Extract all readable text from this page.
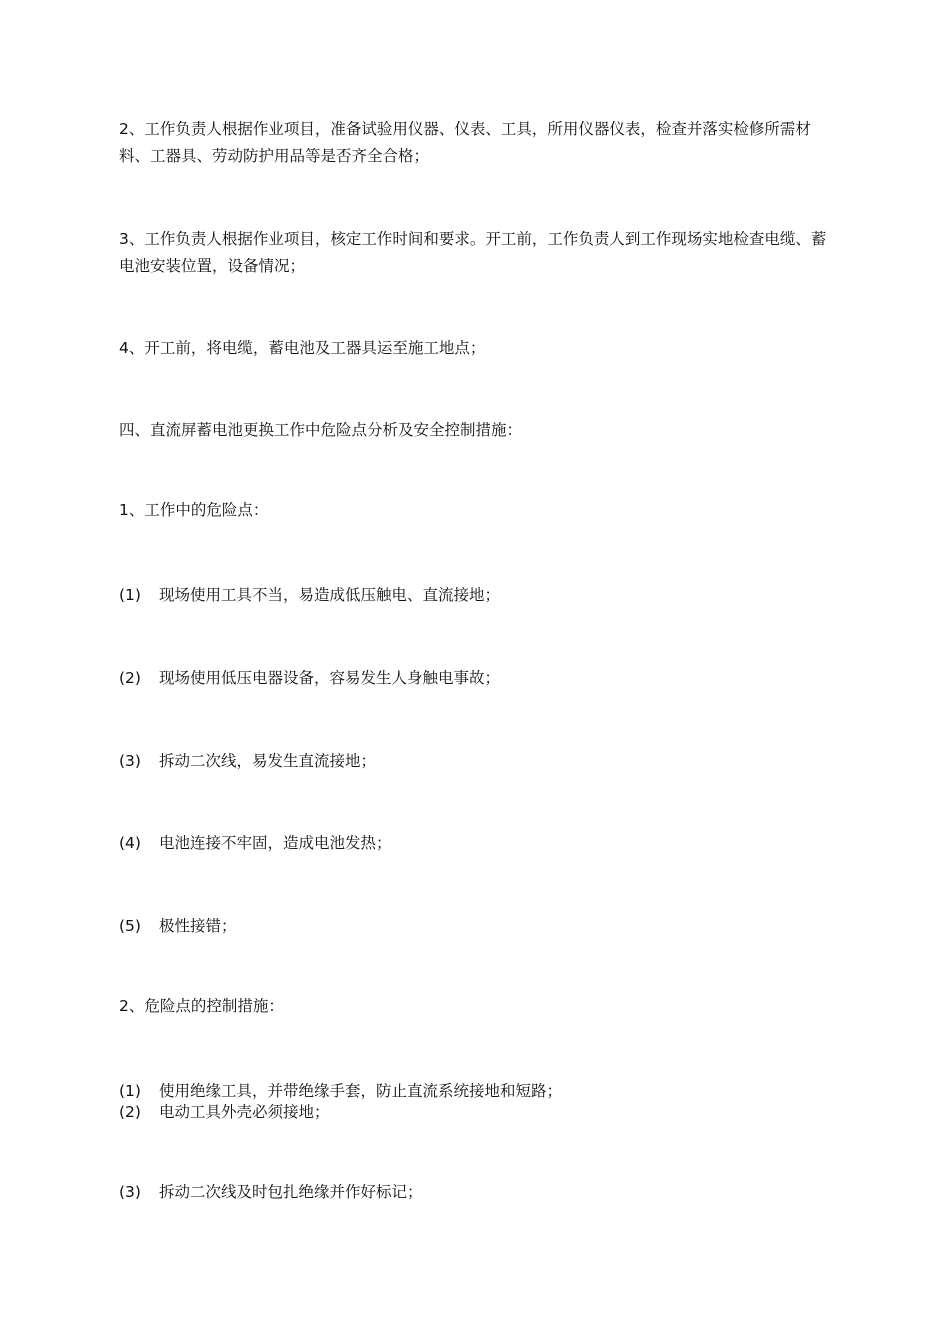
2、工作负责人根据作业项目，准备试验用仪器、仪表、工具，所用仪器仪表，检查并落实检修所需材料、工器具、劳动防护用品等是否齐全合格；

3、工作负责人根据作业项目，核定工作时间和要求。开工前，工作负责人到工作现场实地检查电缆、蓄电池安装位置，设备情况；

4、开工前，将电缆，蓄电池及工器具运至施工地点；

四、直流屏蓄电池更换工作中危险点分析及安全控制措施：

1、工作中的危险点：

(1) 现场使用工具不当，易造成低压触电、直流接地；
(2) 现场使用低压电器设备，容易发生人身触电事故；
(3) 拆动二次线，易发生直流接地；
(4) 电池连接不牢固，造成电池发热；
(5) 极性接错；

2、危险点的控制措施：

(1) 使用绝缘工具，并带绝缘手套，防止直流系统接地和短路；
(2) 电动工具外壳必须接地；
(3) 拆动二次线及时包扎绝缘并作好标记；
